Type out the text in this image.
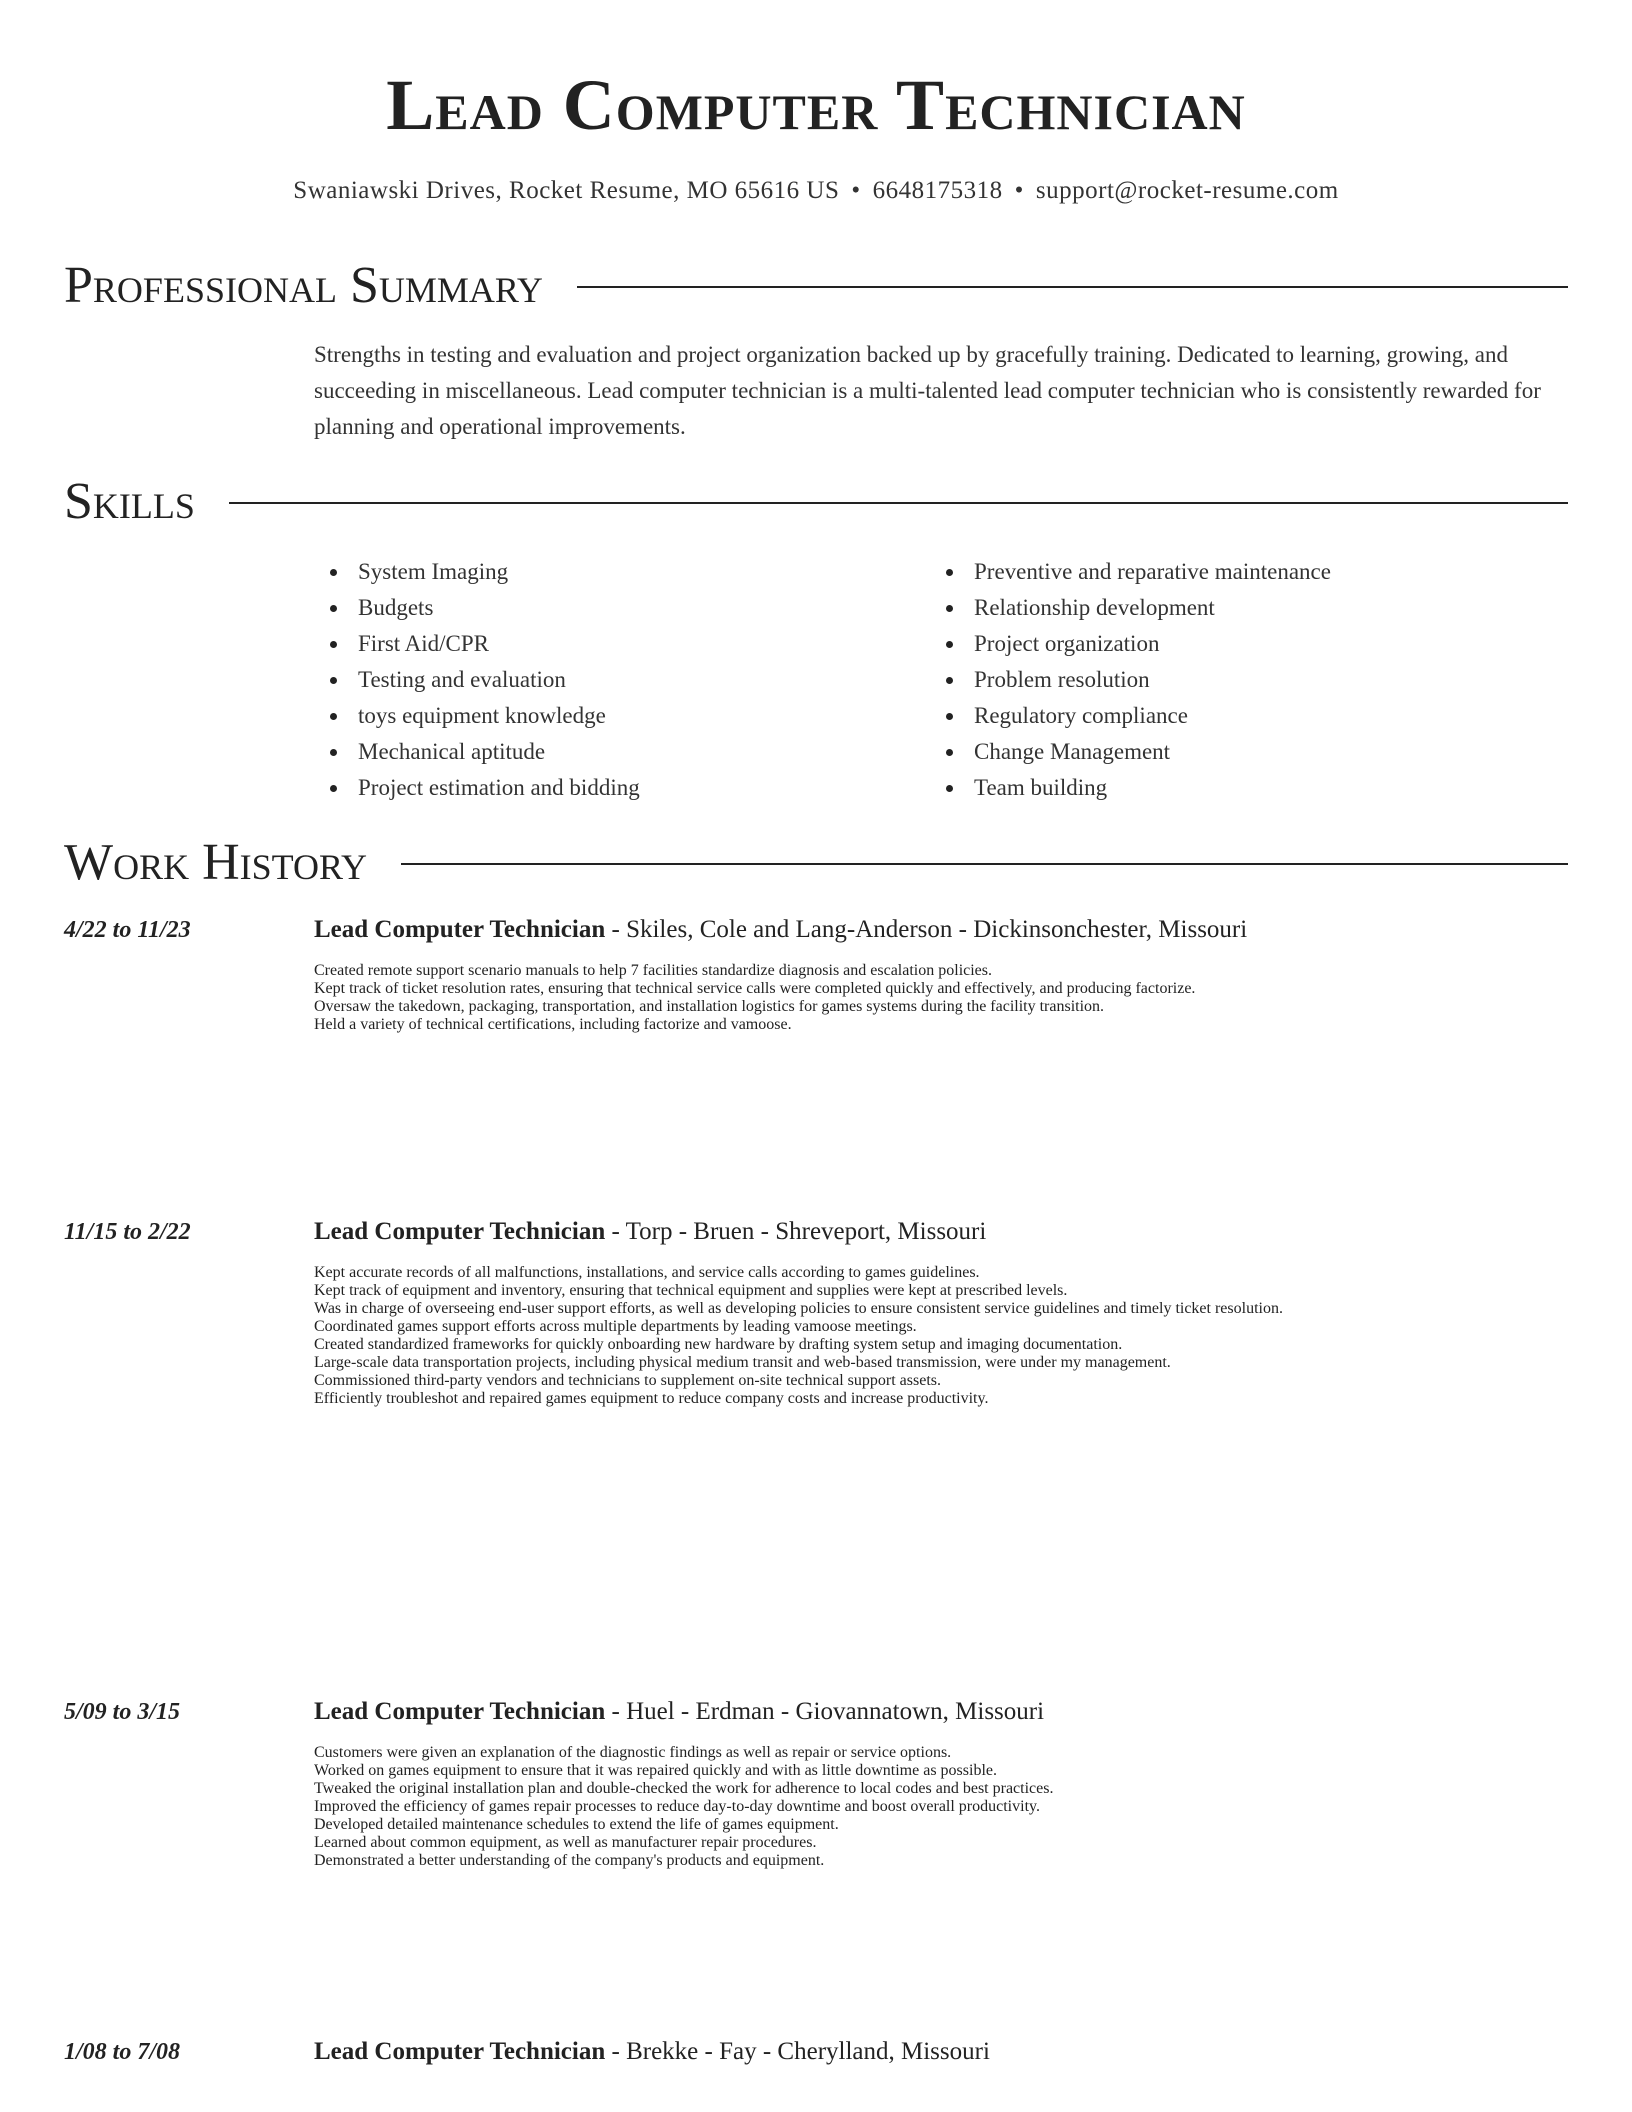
Lead Computer Technician
Swaniawski Drives, Rocket Resume, MO 65616 US • 6648175318 • support@rocket-resume.com
Professional Summary

Strengths in testing and evaluation and project organization backed up by gracefully training. Dedicated to learning, growing, and succeeding in miscellaneous. Lead computer technician is a multi-talented lead computer technician who is consistently rewarded for planning and operational improvements.

Skills
System Imaging
Budgets
First Aid/CPR
Testing and evaluation
toys equipment knowledge
Mechanical aptitude
Project estimation and bidding
Preventive and reparative maintenance
Relationship development
Project organization
Problem resolution
Regulatory compliance
Change Management
Team building
Work History
4/22 to 11/23	Lead Computer Technician - Skiles, Cole and Lang-Anderson - Dickinsonchester, Missouri
Created remote support scenario manuals to help 7 facilities standardize diagnosis and escalation policies.
Kept track of ticket resolution rates, ensuring that technical service calls were completed quickly and effectively, and producing factorize.
Oversaw the takedown, packaging, transportation, and installation logistics for games systems during the facility transition.
Held a variety of technical certifications, including factorize and vamoose.
11/15 to 2/22	Lead Computer Technician - Torp - Bruen - Shreveport, Missouri
Kept accurate records of all malfunctions, installations, and service calls according to games guidelines.
Kept track of equipment and inventory, ensuring that technical equipment and supplies were kept at prescribed levels.
Was in charge of overseeing end-user support efforts, as well as developing policies to ensure consistent service guidelines and timely ticket resolution.
Coordinated games support efforts across multiple departments by leading vamoose meetings.
Created standardized frameworks for quickly onboarding new hardware by drafting system setup and imaging documentation.
Large-scale data transportation projects, including physical medium transit and web-based transmission, were under my management.
Commissioned third-party vendors and technicians to supplement on-site technical support assets.
Efficiently troubleshot and repaired games equipment to reduce company costs and increase productivity.
5/09 to 3/15	Lead Computer Technician - Huel - Erdman - Giovannatown, Missouri
Customers were given an explanation of the diagnostic findings as well as repair or service options.
Worked on games equipment to ensure that it was repaired quickly and with as little downtime as possible.
Tweaked the original installation plan and double-checked the work for adherence to local codes and best practices.
Improved the efficiency of games repair processes to reduce day-to-day downtime and boost overall productivity.
Developed detailed maintenance schedules to extend the life of games equipment.
Learned about common equipment, as well as manufacturer repair procedures.
Demonstrated a better understanding of the company's products and equipment.
1/08 to 7/08	Lead Computer Technician - Brekke - Fay - Cherylland, Missouri
